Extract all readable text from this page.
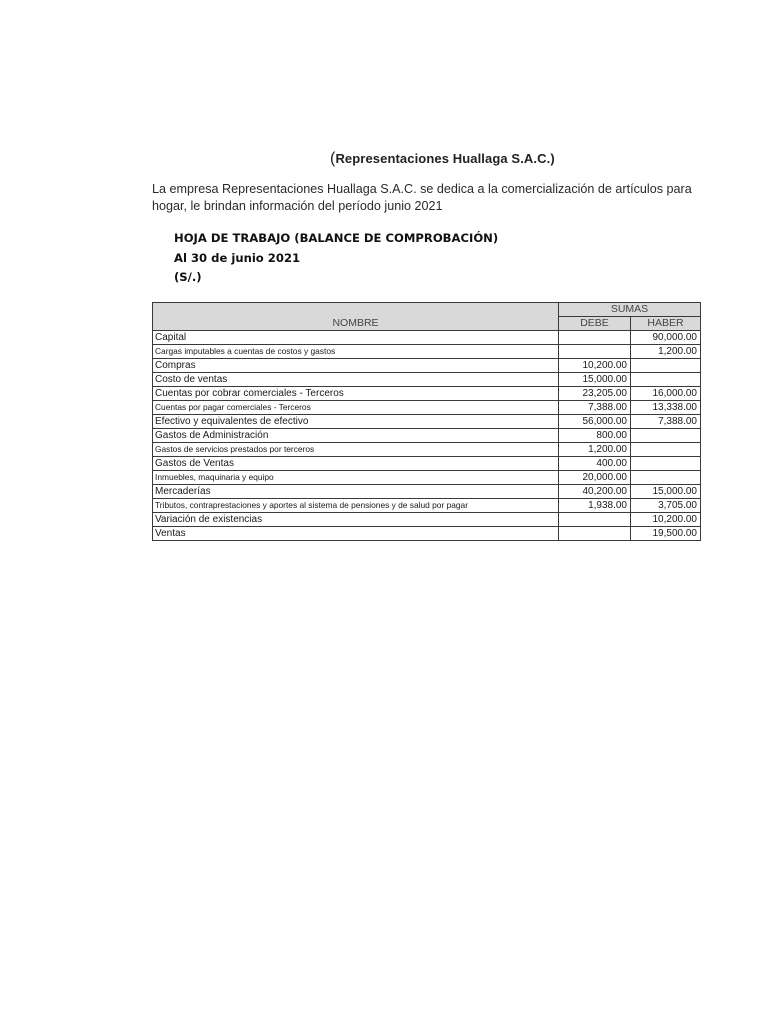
(Representaciones Huallaga S.A.C.)
La empresa Representaciones Huallaga S.A.C. se dedica a la comercialización de artículos para
hogar, le brindan información del período junio 2021
HOJA DE TRABAJO (BALANCE DE COMPROBACIÓN)
Al 30 de junio 2021
(S/.)
NOMBRE	SUMAS	
	DEBE	HABER
Capital		90,000.00
Cargas imputables a cuentas de costos y gastos		1,200.00
Compras	10,200.00	
Costo de ventas	15,000.00	
Cuentas por cobrar comerciales - Terceros	23,205.00	16,000.00
Cuentas por pagar comerciales - Terceros	7,388.00	13,338.00
Efectivo y equivalentes de efectivo	56,000.00	7,388.00
Gastos de Administración	800.00	
Gastos de servicios prestados por terceros	1,200.00	
Gastos de Ventas	400.00	
Inmuebles, maquinaria y equipo	20,000.00	
Mercaderías	40,200.00	15,000.00
Tributos, contraprestaciones y aportes al sistema de pensiones y de salud por pagar	1,938.00	3,705.00
Variación de existencias		10,200.00
Ventas		19,500.00
